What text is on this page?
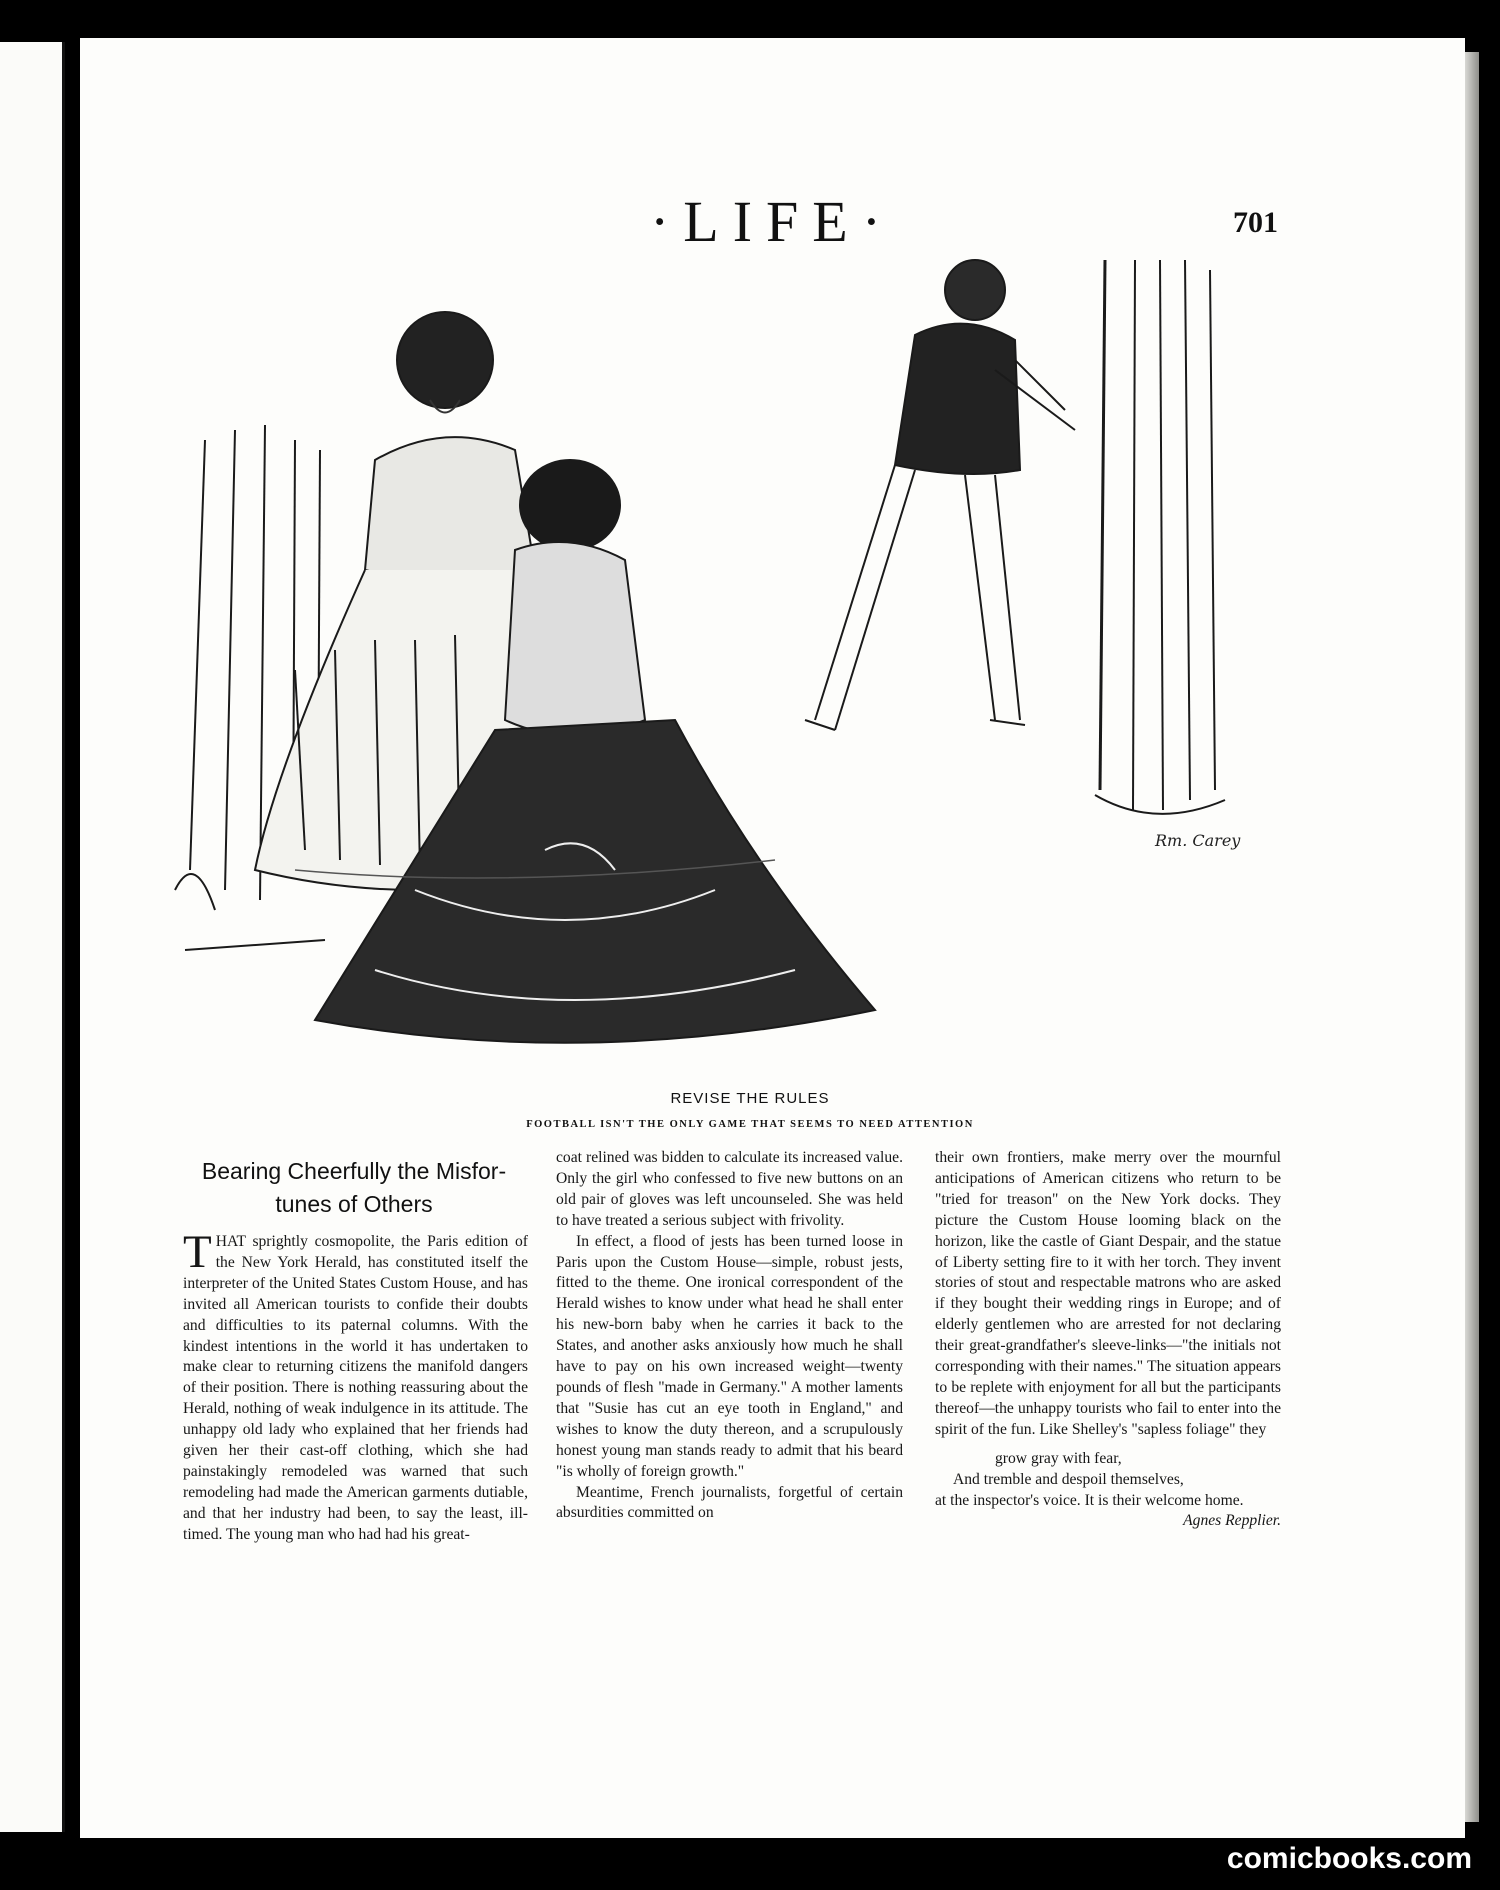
·LIFE·	701
Rm. Carey
REVISE THE RULES
FOOTBALL ISN'T THE ONLY GAME THAT SEEMS TO NEED ATTENTION
Bearing Cheerfully the Misfor-
tunes of Others

THAT sprightly cosmopolite, the Paris edition of the New York Herald, has constituted itself the interpreter of the United States Custom House, and has invited all American tourists to confide their doubts and difficulties to its paternal columns. With the kindest intentions in the world it has undertaken to make clear to returning citizens the manifold dangers of their position. There is nothing reassuring about the Herald, nothing of weak indulgence in its attitude. The unhappy old lady who explained that her friends had given her their cast-off clothing, which she had painstakingly remodeled was warned that such remodeling had made the American garments dutiable, and that her industry had been, to say the least, ill-timed. The young man who had had his great-

coat relined was bidden to calculate its increased value. Only the girl who confessed to five new buttons on an old pair of gloves was left uncounseled. She was held to have treated a serious subject with frivolity.

In effect, a flood of jests has been turned loose in Paris upon the Custom House—simple, robust jests, fitted to the theme. One ironical correspondent of the Herald wishes to know under what head he shall enter his new-born baby when he carries it back to the States, and another asks anxiously how much he shall have to pay on his own increased weight—twenty pounds of flesh "made in Germany." A mother laments that "Susie has cut an eye tooth in England," and wishes to know the duty thereon, and a scrupulously honest young man stands ready to admit that his beard "is wholly of foreign growth."

Meantime, French journalists, forgetful of certain absurdities committed on

their own frontiers, make merry over the mournful anticipations of American citizens who return to be "tried for treason" on the New York docks. They picture the Custom House looming black on the horizon, like the castle of Giant Despair, and the statue of Liberty setting fire to it with her torch. They invent stories of stout and respectable matrons who are asked if they bought their wedding rings in Europe; and of elderly gentlemen who are arrested for not declaring their great-grandfather's sleeve-links—"the initials not corresponding with their names." The situation appears to be replete with enjoyment for all but the participants thereof—the unhappy tourists who fail to enter into the spirit of the fun. Like Shelley's "sapless foliage" they

grow gray with fear,

And tremble and despoil themselves,

at the inspector's voice. It is their welcome home.
Agnes Repplier.

comicbooks.com
